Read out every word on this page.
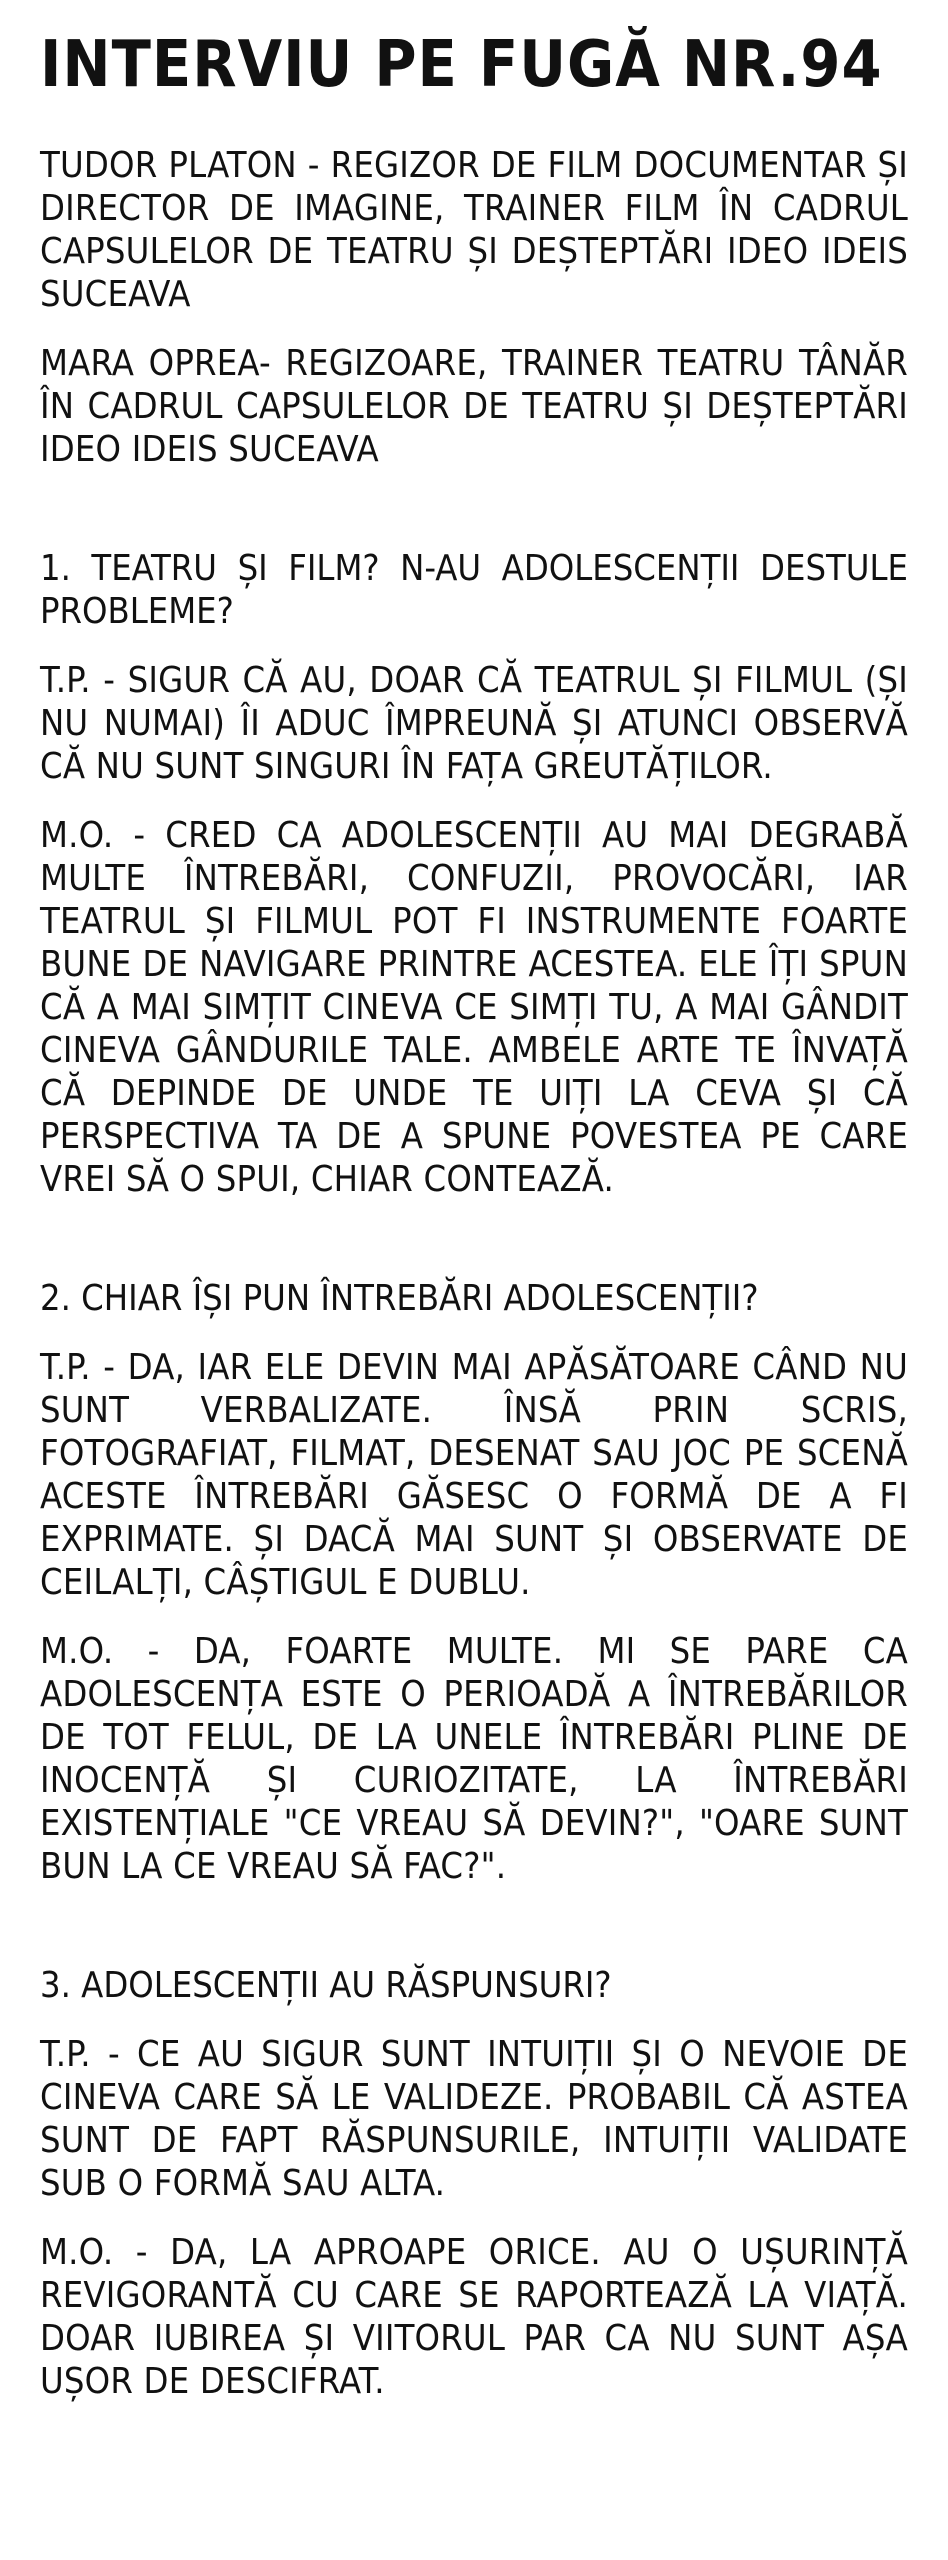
INTERVIU PE FUGĂ NR.94

TUDOR PLATON - REGIZOR DE FILM DOCUMENTAR ȘI DIRECTOR DE IMAGINE, TRAINER FILM ÎN CADRUL CAPSULELOR DE TEATRU ȘI DEȘTEPTĂRI IDEO IDEIS SUCEAVA

MARA OPREA- REGIZOARE, TRAINER TEATRU TÂNĂR ÎN CADRUL CAPSULELOR DE TEATRU ȘI DEȘTEPTĂRI IDEO IDEIS SUCEAVA

1. TEATRU ȘI FILM? N-AU ADOLESCENȚII DESTULE PROBLEME?

T.P. - SIGUR CĂ AU, DOAR CĂ TEATRUL ȘI FILMUL (ȘI NU NUMAI) ÎI ADUC ÎMPREUNĂ ȘI ATUNCI OBSERVĂ CĂ NU SUNT SINGURI ÎN FAȚA GREUTĂȚILOR.

M.O. - CRED CA ADOLESCENȚII AU MAI DEGRABĂ MULTE ÎNTREBĂRI, CONFUZII, PROVOCĂRI, IAR TEATRUL ȘI FILMUL POT FI INSTRUMENTE FOARTE BUNE DE NAVIGARE PRINTRE ACESTEA. ELE ÎȚI SPUN CĂ A MAI SIMȚIT CINEVA CE SIMȚI TU, A MAI GÂNDIT CINEVA GÂNDURILE TALE. AMBELE ARTE TE ÎNVAȚĂ CĂ DEPINDE DE UNDE TE UIȚI LA CEVA ȘI CĂ PERSPECTIVA TA DE A SPUNE POVESTEA PE CARE VREI SĂ O SPUI, CHIAR CONTEAZĂ.

2. CHIAR ÎȘI PUN ÎNTREBĂRI ADOLESCENȚII?

T.P. - DA, IAR ELE DEVIN MAI APĂSĂTOARE CÂND NU SUNT VERBALIZATE. ÎNSĂ PRIN SCRIS, FOTOGRAFIAT, FILMAT, DESENAT SAU JOC PE SCENĂ ACESTE ÎNTREBĂRI GĂSESC O FORMĂ DE A FI EXPRIMATE. ȘI DACĂ MAI SUNT ȘI OBSERVATE DE CEILALȚI, CÂȘTIGUL E DUBLU.

M.O. - DA, FOARTE MULTE. MI SE PARE CA ADOLESCENȚA ESTE O PERIOADĂ A ÎNTREBĂRILOR DE TOT FELUL, DE LA UNELE ÎNTREBĂRI PLINE DE INOCENȚĂ ȘI CURIOZITATE, LA ÎNTREBĂRI EXISTENȚIALE "CE VREAU SĂ DEVIN?", "OARE SUNT BUN LA CE VREAU SĂ FAC?".

3. ADOLESCENȚII AU RĂSPUNSURI?

T.P. - CE AU SIGUR SUNT INTUIȚII ȘI O NEVOIE DE CINEVA CARE SĂ LE VALIDEZE. PROBABIL CĂ ASTEA SUNT DE FAPT RĂSPUNSURILE, INTUIȚII VALIDATE SUB O FORMĂ SAU ALTA.

M.O. - DA, LA APROAPE ORICE. AU O UȘURINȚĂ REVIGORANTĂ CU CARE SE RAPORTEAZĂ LA VIAȚĂ. DOAR IUBIREA ȘI VIITORUL PAR CA NU SUNT AȘA UȘOR DE DESCIFRAT.
